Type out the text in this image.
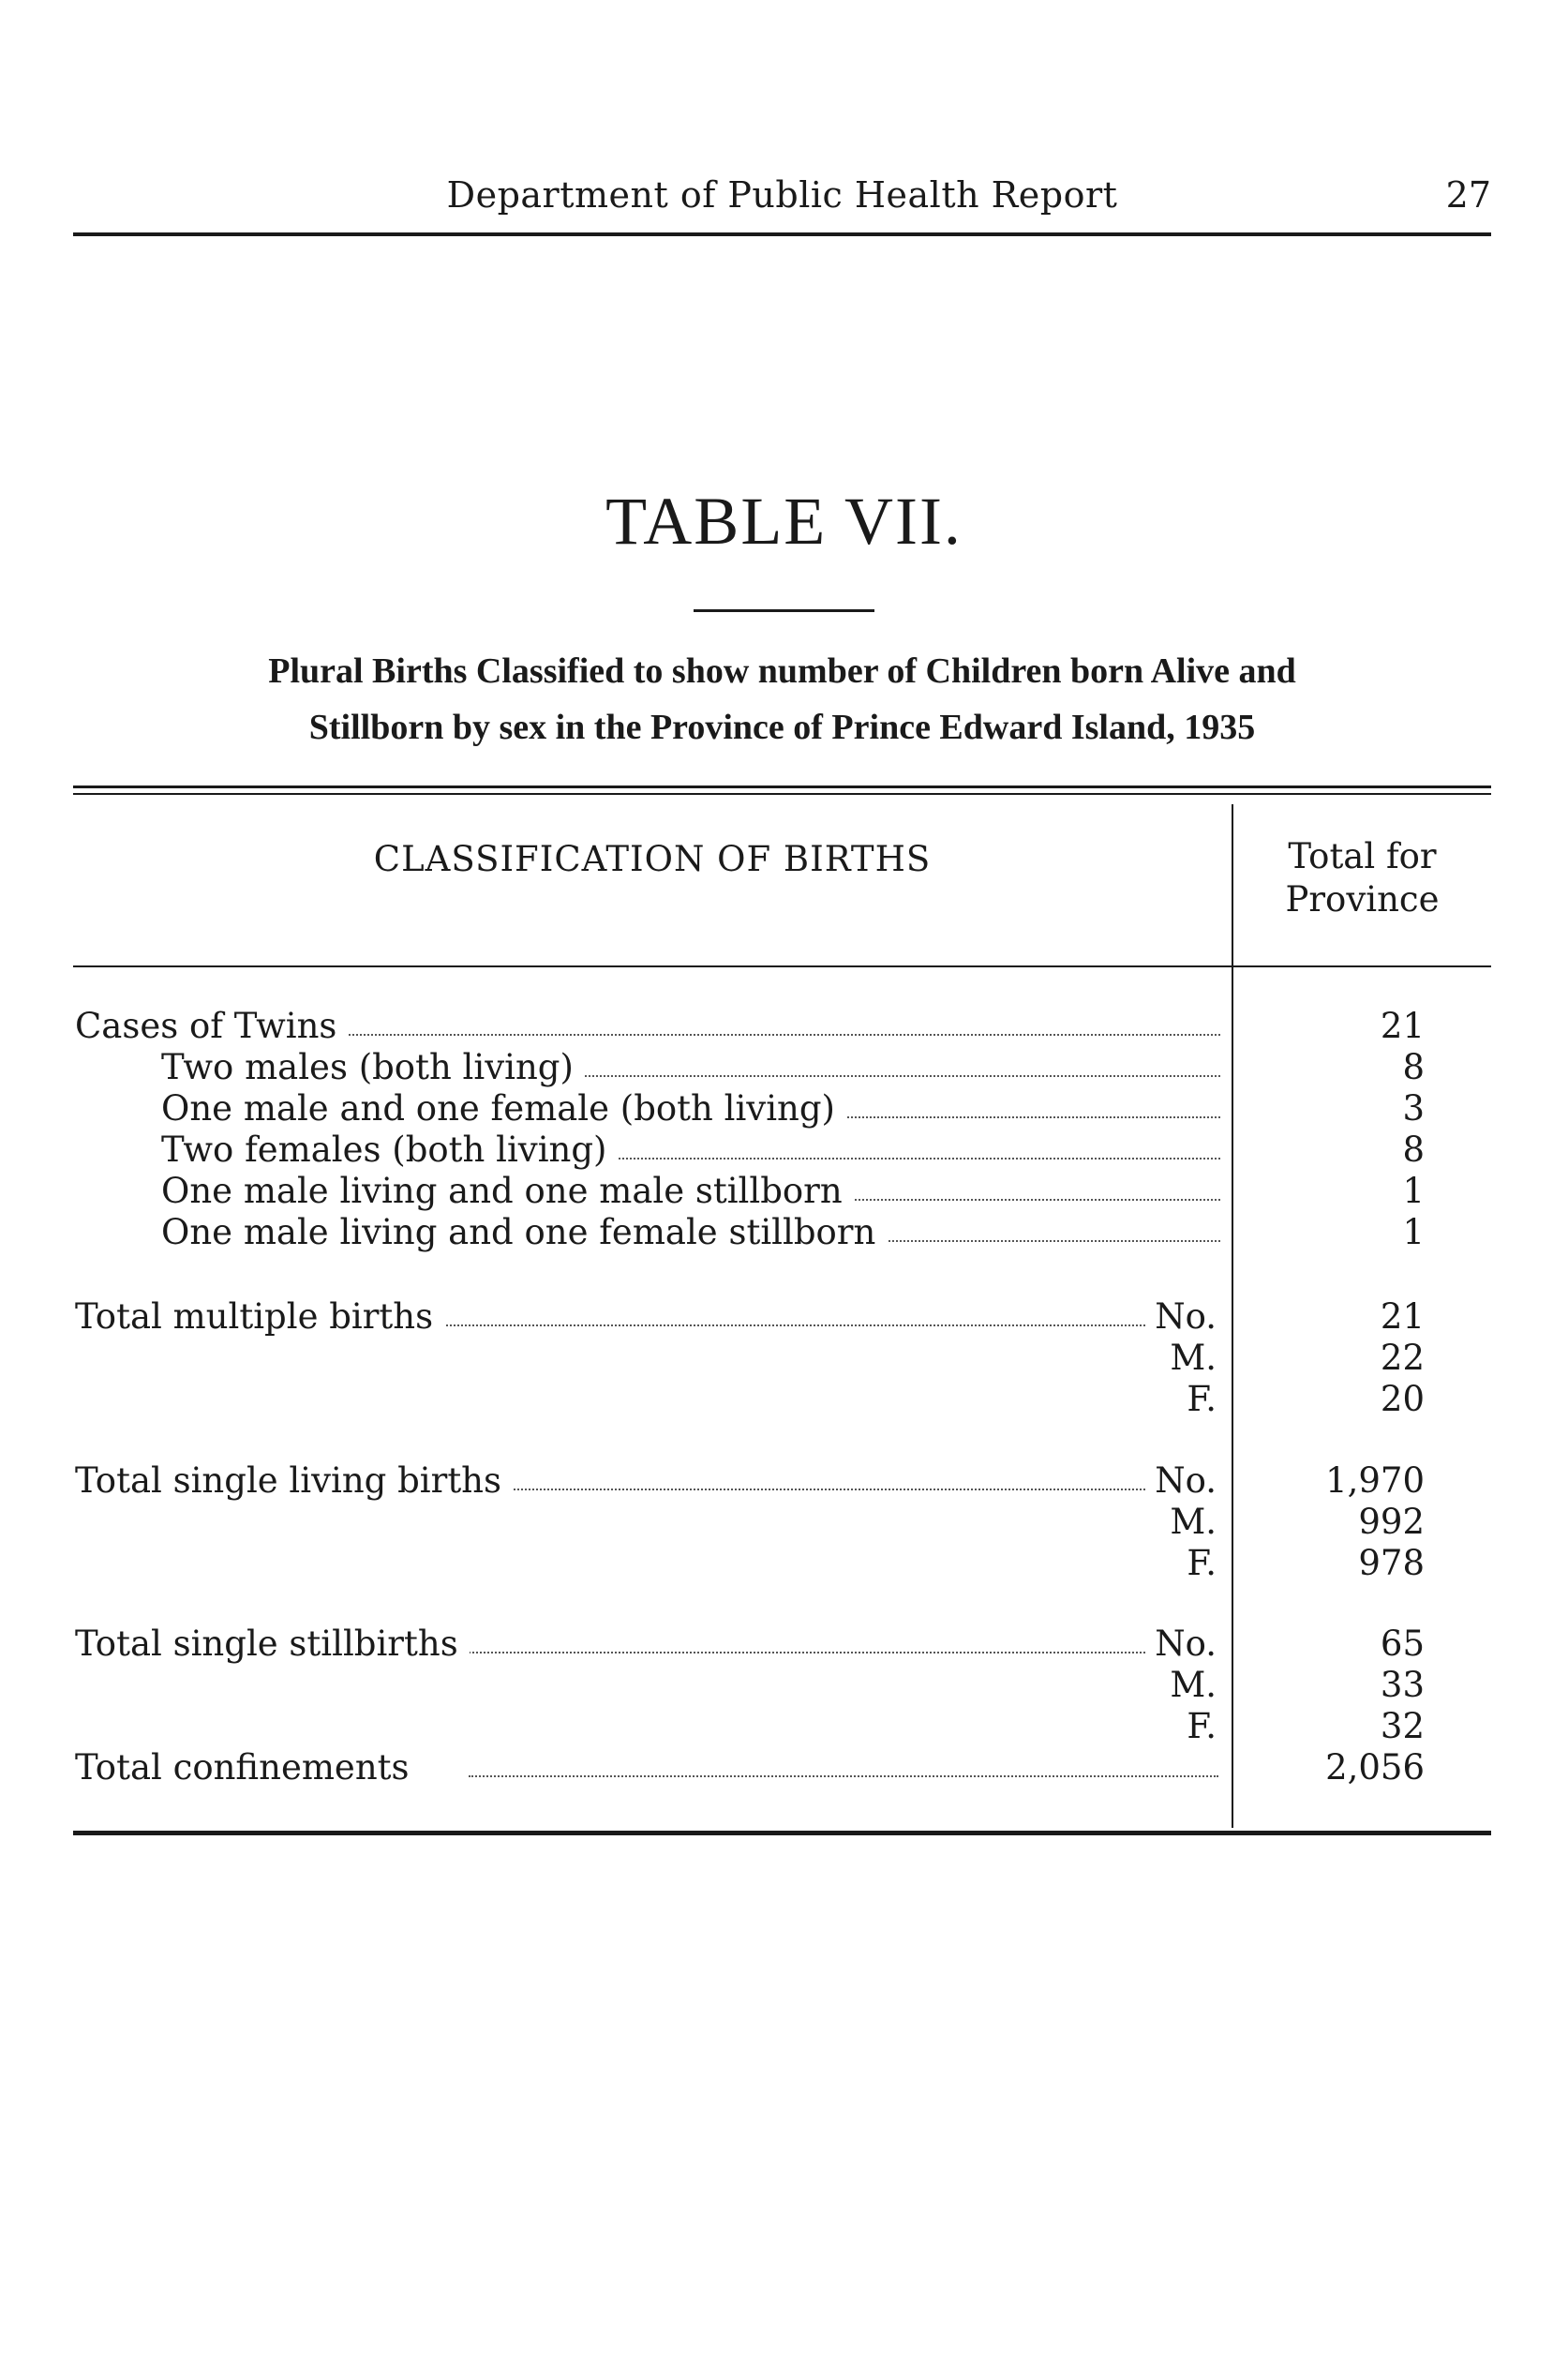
Department of Public Health Report	27
TABLE VII.
Plural Births Classified to show number of Children born Alive and
Stillborn by sex in the Province of Prince Edward Island, 1935
CLASSIFICATION OF BIRTHS	Total for
Province
Cases of Twins	21
Two males (both living)	8
One male and one female (both living)	3
Two females (both living)	8
One male living and one male stillborn	1
One male living and one female stillborn	1
Total multiple births	No.	21
M.	22
F.	20
Total single living births	No.	1,970
M.	992
F.	978
Total single stillbirths	No.	65
M.	33
F.	32
Total confinements	2,056
